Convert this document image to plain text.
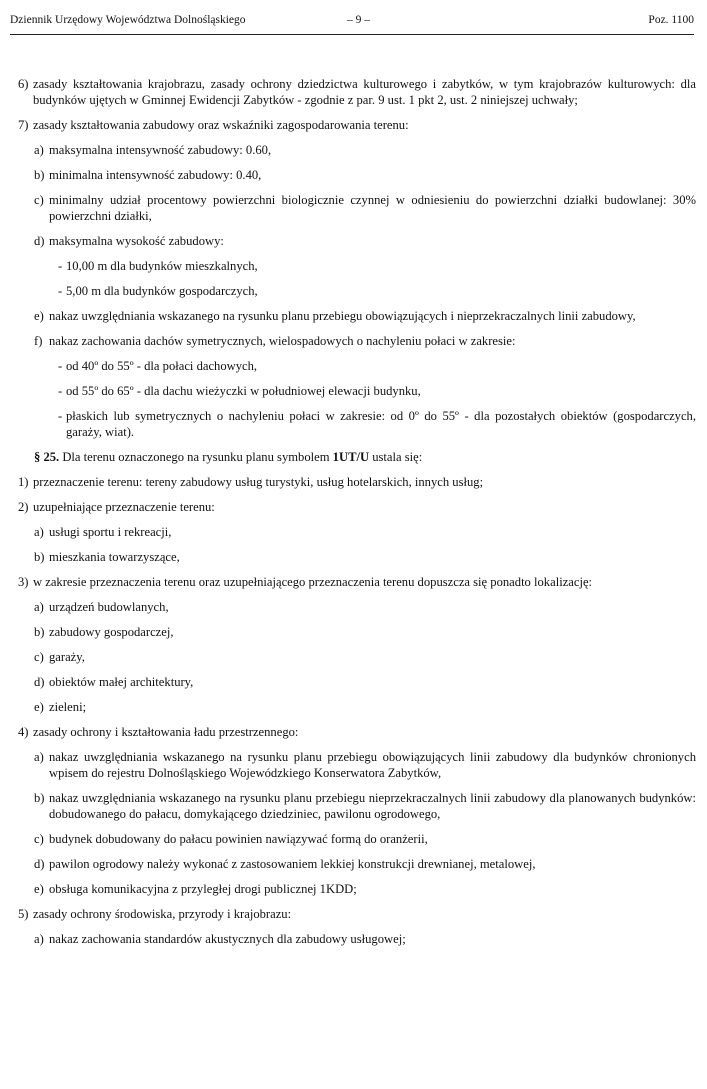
Dziennik Urzędowy Województwa Dolnośląskiego	– 9 –	Poz. 1100
6) zasady kształtowania krajobrazu, zasady ochrony dziedzictwa kulturowego i zabytków, w tym krajobrazów kulturowych: dla budynków ujętych w Gminnej Ewidencji Zabytków - zgodnie z par. 9 ust. 1 pkt 2, ust. 2 niniejszej uchwały;
7) zasady kształtowania zabudowy oraz wskaźniki zagospodarowania terenu:
a) maksymalna intensywność zabudowy: 0.60,
b) minimalna intensywność zabudowy: 0.40,
c) minimalny udział procentowy powierzchni biologicznie czynnej w odniesieniu do powierzchni działki budowlanej: 30% powierzchni działki,
d) maksymalna wysokość zabudowy:
- 10,00 m dla budynków mieszkalnych,
- 5,00 m dla budynków gospodarczych,
e) nakaz uwzględniania wskazanego na rysunku planu przebiegu obowiązujących i nieprzekraczalnych linii zabudowy,
f) nakaz zachowania dachów symetrycznych, wielospadowych o nachyleniu połaci w zakresie:
- od 40º do 55º - dla połaci dachowych,
- od 55º do 65º - dla dachu wieżyczki w południowej elewacji budynku,
- płaskich lub symetrycznych o nachyleniu połaci w zakresie: od 0º do 55º - dla pozostałych obiektów (gospodarczych, garaży, wiat).
§ 25. Dla terenu oznaczonego na rysunku planu symbolem 1UT/U ustala się:
1) przeznaczenie terenu: tereny zabudowy usług turystyki, usług hotelarskich, innych usług;
2) uzupełniające przeznaczenie terenu:
a) usługi sportu i rekreacji,
b) mieszkania towarzyszące,
3) w zakresie przeznaczenia terenu oraz uzupełniającego przeznaczenia terenu dopuszcza się ponadto lokalizację:
a) urządzeń budowlanych,
b) zabudowy gospodarczej,
c) garaży,
d) obiektów małej architektury,
e) zieleni;
4) zasady ochrony i kształtowania ładu przestrzennego:
a) nakaz uwzględniania wskazanego na rysunku planu przebiegu obowiązujących linii zabudowy dla budynków chronionych wpisem do rejestru Dolnośląskiego Wojewódzkiego Konserwatora Zabytków,
b) nakaz uwzględniania wskazanego na rysunku planu przebiegu nieprzekraczalnych linii zabudowy dla planowanych budynków: dobudowanego do pałacu, domykającego dziedziniec, pawilonu ogrodowego,
c) budynek dobudowany do pałacu powinien nawiązywać formą do oranżerii,
d) pawilon ogrodowy należy wykonać z zastosowaniem lekkiej konstrukcji drewnianej, metalowej,
e) obsługa komunikacyjna z przyległej drogi publicznej 1KDD;
5) zasady ochrony środowiska, przyrody i krajobrazu:
a) nakaz zachowania standardów akustycznych dla zabudowy usługowej;
